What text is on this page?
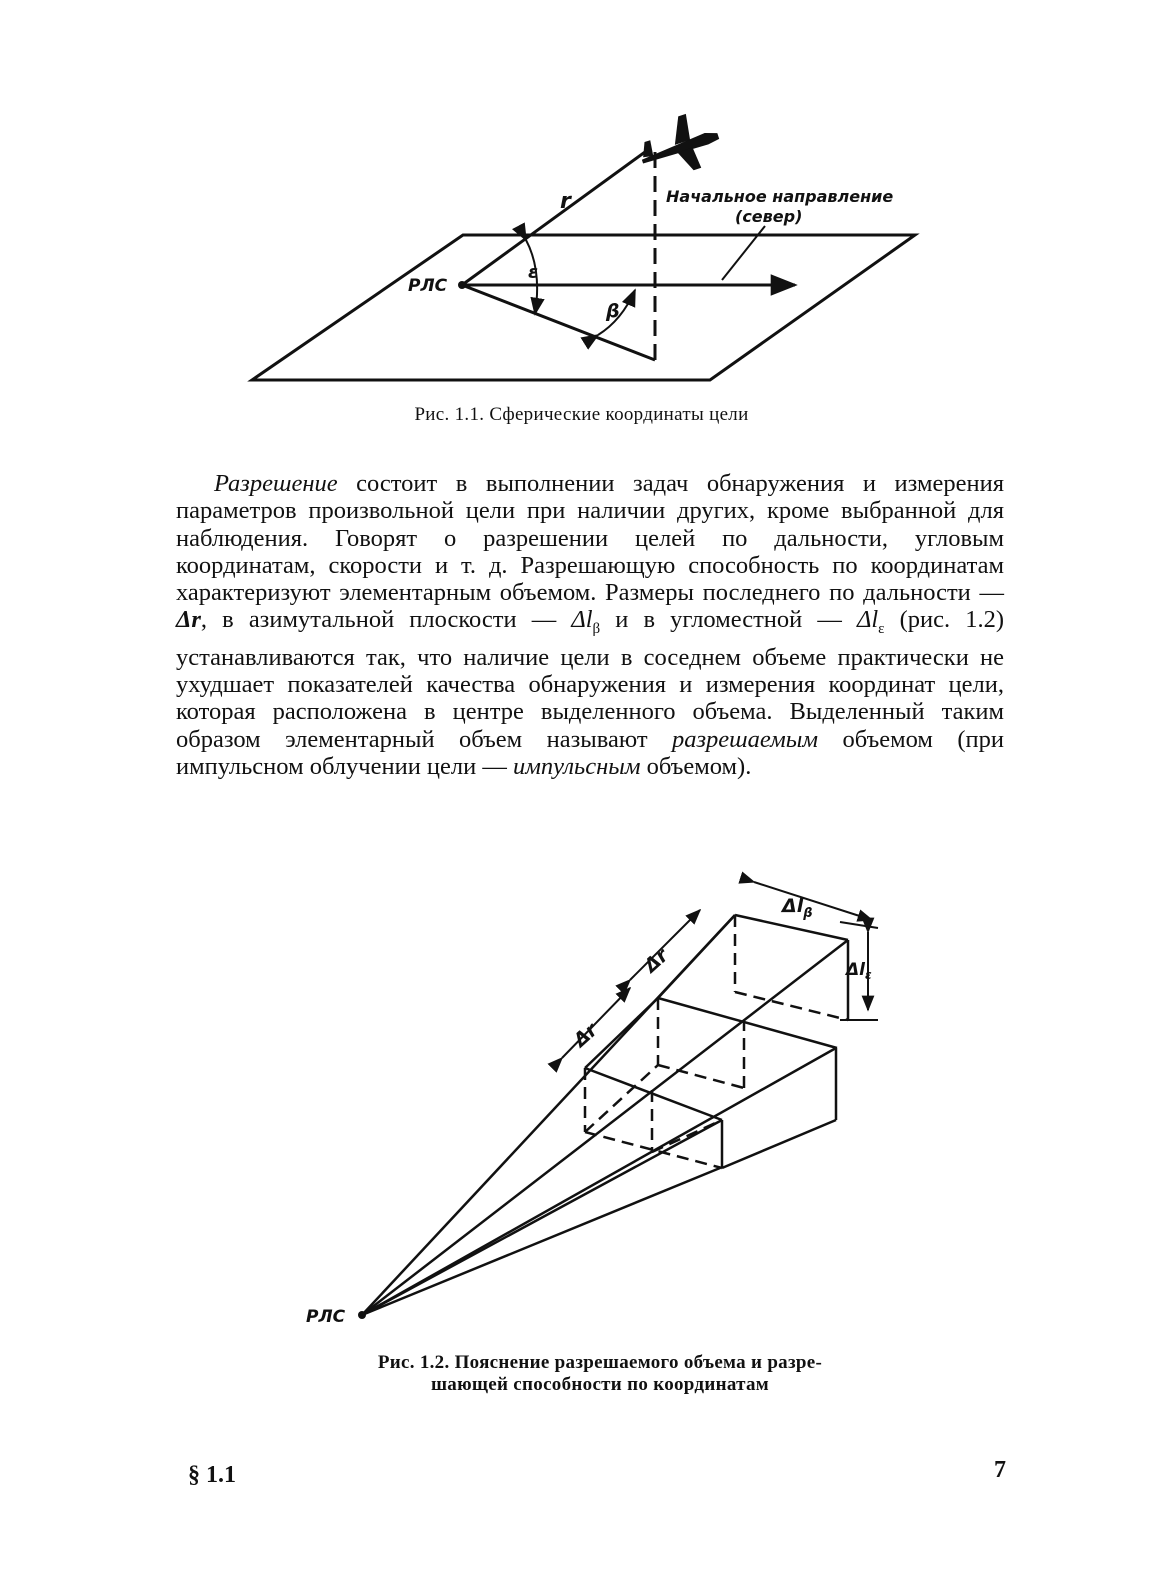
РЛС
r
ε
β
Начальное направление
(север)
Рис. 1.1. Сферические координаты цели

Разрешение состоит в выполнении задач обнаружения и измерения параметров произвольной цели при наличии других, кроме выбранной для наблюдения. Говорят о разрешении целей по дальности, угловым координатам, скорости и т. д. Разрешающую способность по координатам характеризуют элементарным объемом. Размеры последнего по дальности — Δr, в азимутальной плоскости — $\Delta l_\beta$ и в угломестной — $\Delta l_\varepsilon$ (рис. 1.2) устанавливаются так, что наличие цели в соседнем объеме практически не ухудшает показателей качества обнаружения и измерения координат цели, которая расположена в центре выделенного объема. Выделенный таким образом элементарный объем называют разрешаемым объемом (при импульсном облучении цели — импульсным объемом).

РЛС
Δr
Δr
$\Delta l_\beta$
$\Delta l_\varepsilon$
Рис. 1.2. Пояснение разрешаемого объема и разре-
шающей способности по координатам
§ 1.1	7
